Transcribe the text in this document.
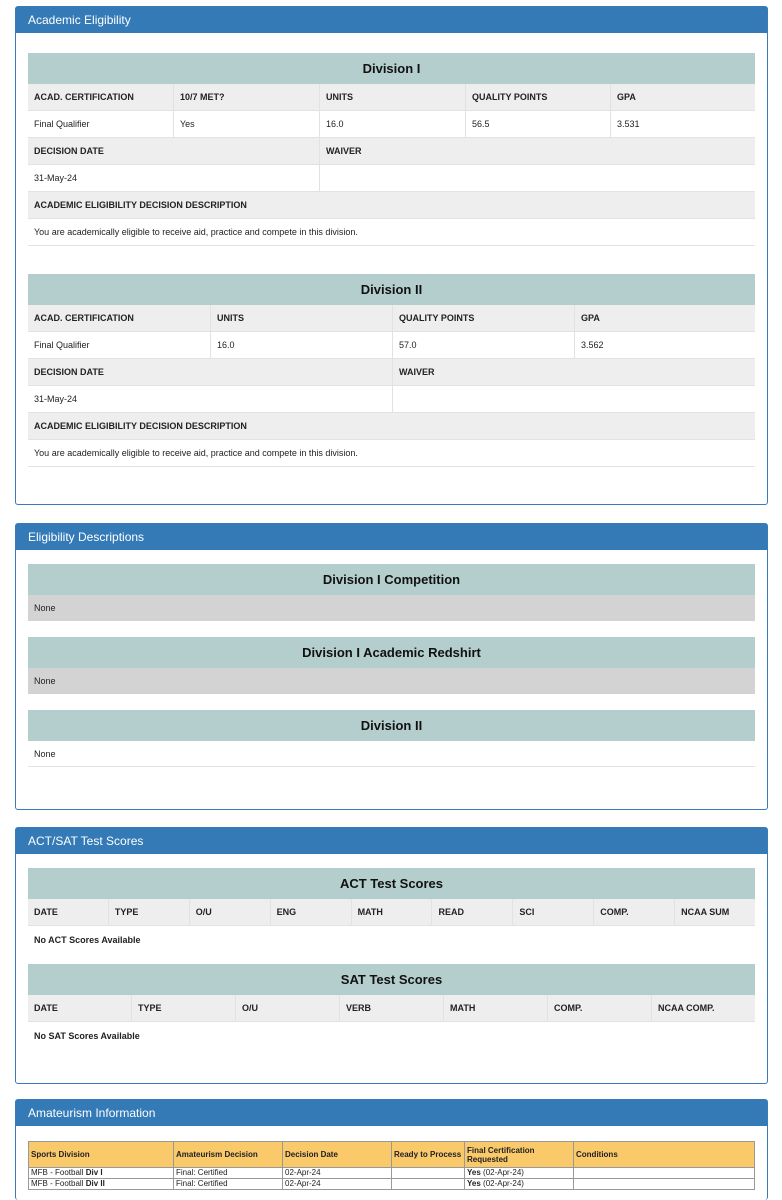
Academic Eligibility
Division I
ACAD. CERTIFICATION	10/7 MET?	UNITS	QUALITY POINTS	GPA
Final Qualifier	Yes	16.0	56.5	3.531
DECISION DATE	WAIVER
31-May-24
ACADEMIC ELIGIBILITY DECISION DESCRIPTION
You are academically eligible to receive aid, practice and compete in this division.
Division II
ACAD. CERTIFICATION	UNITS	QUALITY POINTS	GPA
Final Qualifier	16.0	57.0	3.562
DECISION DATE	WAIVER
31-May-24
ACADEMIC ELIGIBILITY DECISION DESCRIPTION
You are academically eligible to receive aid, practice and compete in this division.
Eligibility Descriptions
Division I Competition
None
Division I Academic Redshirt
None
Division II
None
ACT/SAT Test Scores
ACT Test Scores
DATE	TYPE	O/U	ENG	MATH	READ	SCI	COMP.	NCAA SUM
No ACT Scores Available
SAT Test Scores
DATE	TYPE	O/U	VERB	MATH	COMP.	NCAA COMP.
No SAT Scores Available
Amateurism Information
Sports Division	Amateurism Decision	Decision Date	Ready to Process	Final Certification Requested	Conditions
MFB - Football Div I	Final: Certified	02-Apr-24		Yes (02-Apr-24)	
MFB - Football Div II	Final: Certified	02-Apr-24		Yes (02-Apr-24)	
